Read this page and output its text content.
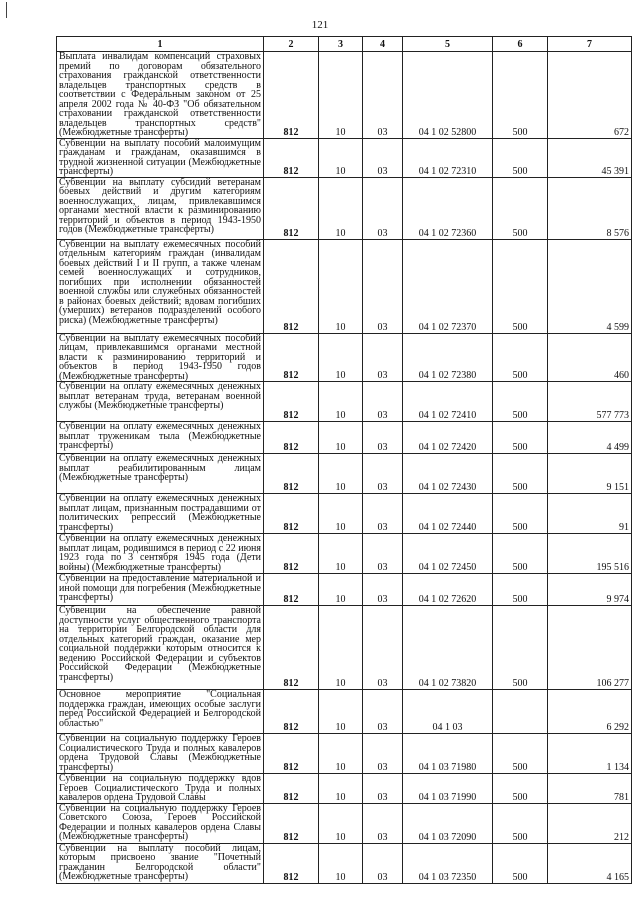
121
1	2	3	4	5	6	7
Выплата инвалидам компенсаций страховых премий по договорам обязательного страхования гражданской ответственности владельцев транспортных средств в соответствии с Федеральным законом от 25 апреля 2002 года № 40-ФЗ "Об обязательном страховании гражданской ответственности владельцев транспортных средств" (Межбюджетные трансферты)	812	10	03	04 1 02 52800	500	672
Субвенции на выплату пособий малоимущим гражданам и гражданам, оказавшимся в трудной жизненной ситуации (Межбюджетные трансферты)	812	10	03	04 1 02 72310	500	45 391
Субвенции на выплату субсидий ветеранам боевых действий и другим категориям военнослужащих, лицам, привлекавшимся органами местной власти к разминированию территорий и объектов в период 1943-1950 годов (Межбюджетные трансферты)	812	10	03	04 1 02 72360	500	8 576
Субвенции на выплату ежемесячных пособий отдельным категориям граждан (инвалидам боевых действий I и II групп, а также членам семей военнослужащих и сотрудников, погибших при исполнении обязанностей военной службы или служебных обязанностей в районах боевых действий; вдовам погибших (умерших) ветеранов подразделений особого риска) (Межбюджетные трансферты)	812	10	03	04 1 02 72370	500	4 599
Субвенции на выплату ежемесячных пособий лицам, привлекавшимся органами местной власти к разминированию территорий и объектов в период 1943-1950 годов (Межбюджетные трансферты)	812	10	03	04 1 02 72380	500	460
Субвенции на оплату ежемесячных денежных выплат ветеранам труда, ветеранам военной службы (Межбюджетные трансферты)	812	10	03	04 1 02 72410	500	577 773
Субвенции на оплату ежемесячных денежных выплат труженикам тыла (Межбюджетные трансферты)	812	10	03	04 1 02 72420	500	4 499
Субвенции на оплату ежемесячных денежных выплат реабилитированным лицам (Межбюджетные трансферты)	812	10	03	04 1 02 72430	500	9 151
Субвенции на оплату ежемесячных денежных выплат лицам, признанным пострадавшими от политических репрессий (Межбюджетные трансферты)	812	10	03	04 1 02 72440	500	91
Субвенции на оплату ежемесячных денежных выплат лицам, родившимся в период с 22 июня 1923 года по 3 сентября 1945 года (Дети войны) (Межбюджетные трансферты)	812	10	03	04 1 02 72450	500	195 516
Субвенции на предоставление материальной и иной помощи для погребения (Межбюджетные трансферты)	812	10	03	04 1 02 72620	500	9 974
Субвенции на обеспечение равной доступности услуг общественного транспорта на территории Белгородской области для отдельных категорий граждан, оказание мер социальной поддержки которым относится к ведению Российской Федерации и субъектов Российской Федерации (Межбюджетные трансферты)	812	10	03	04 1 02 73820	500	106 277
Основное мероприятие "Социальная поддержка граждан, имеющих особые заслуги перед Российской Федерацией и Белгородской областью"	812	10	03	04 1 03		6 292
Субвенции на социальную поддержку Героев Социалистического Труда и полных кавалеров ордена Трудовой Славы (Межбюджетные трансферты)	812	10	03	04 1 03 71980	500	1 134
Субвенции на социальную поддержку вдов Героев Социалистического Труда и полных кавалеров ордена Трудовой Славы	812	10	03	04 1 03 71990	500	781
Субвенции на социальную поддержку Героев Советского Союза, Героев Российской Федерации и полных кавалеров ордена Славы (Межбюджетные трансферты)	812	10	03	04 1 03 72090	500	212
Субвенции на выплату пособий лицам, которым присвоено звание "Почетный гражданин Белгородской области" (Межбюджетные трансферты)	812	10	03	04 1 03 72350	500	4 165
